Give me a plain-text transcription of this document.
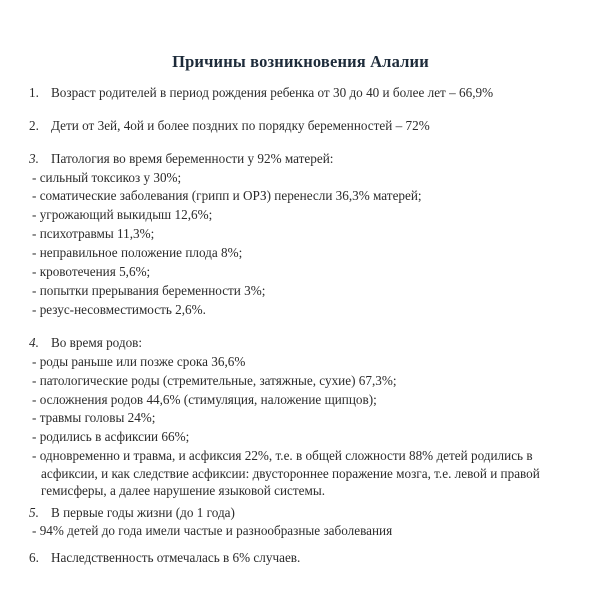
Причины возникновения Алалии
1. Возраст родителей в период рождения ребенка от 30 до 40 и более лет – 66,9%
2. Дети от 3ей, 4ой и более поздних по порядку беременностей – 72%
3. Патология во время беременности у 92% матерей:
- сильный токсикоз у 30%;
- соматические заболевания (грипп и ОРЗ) перенесли 36,3% матерей;
- угрожающий выкидыш 12,6%;
- психотравмы 11,3%;
- неправильное положение плода 8%;
- кровотечения 5,6%;
- попытки прерывания беременности 3%;
- резус-несовместимость 2,6%.
4. Во время родов:
- роды раньше или позже срока 36,6%
- патологические роды (стремительные, затяжные, сухие) 67,3%;
- осложнения родов 44,6% (стимуляция, наложение щипцов);
- травмы головы 24%;
- родились в асфиксии 66%;
- одновременно и травма, и асфиксия 22%, т.е. в общей сложности 88% детей родились в асфиксии, и как следствие асфиксии: двустороннее поражение мозга, т.е. левой и правой гемисферы, а далее нарушение языковой системы.
5. В первые годы жизни (до 1 года)
- 94% детей до года имели частые и разнообразные заболевания
6. Наследственность отмечалась в 6% случаев.
